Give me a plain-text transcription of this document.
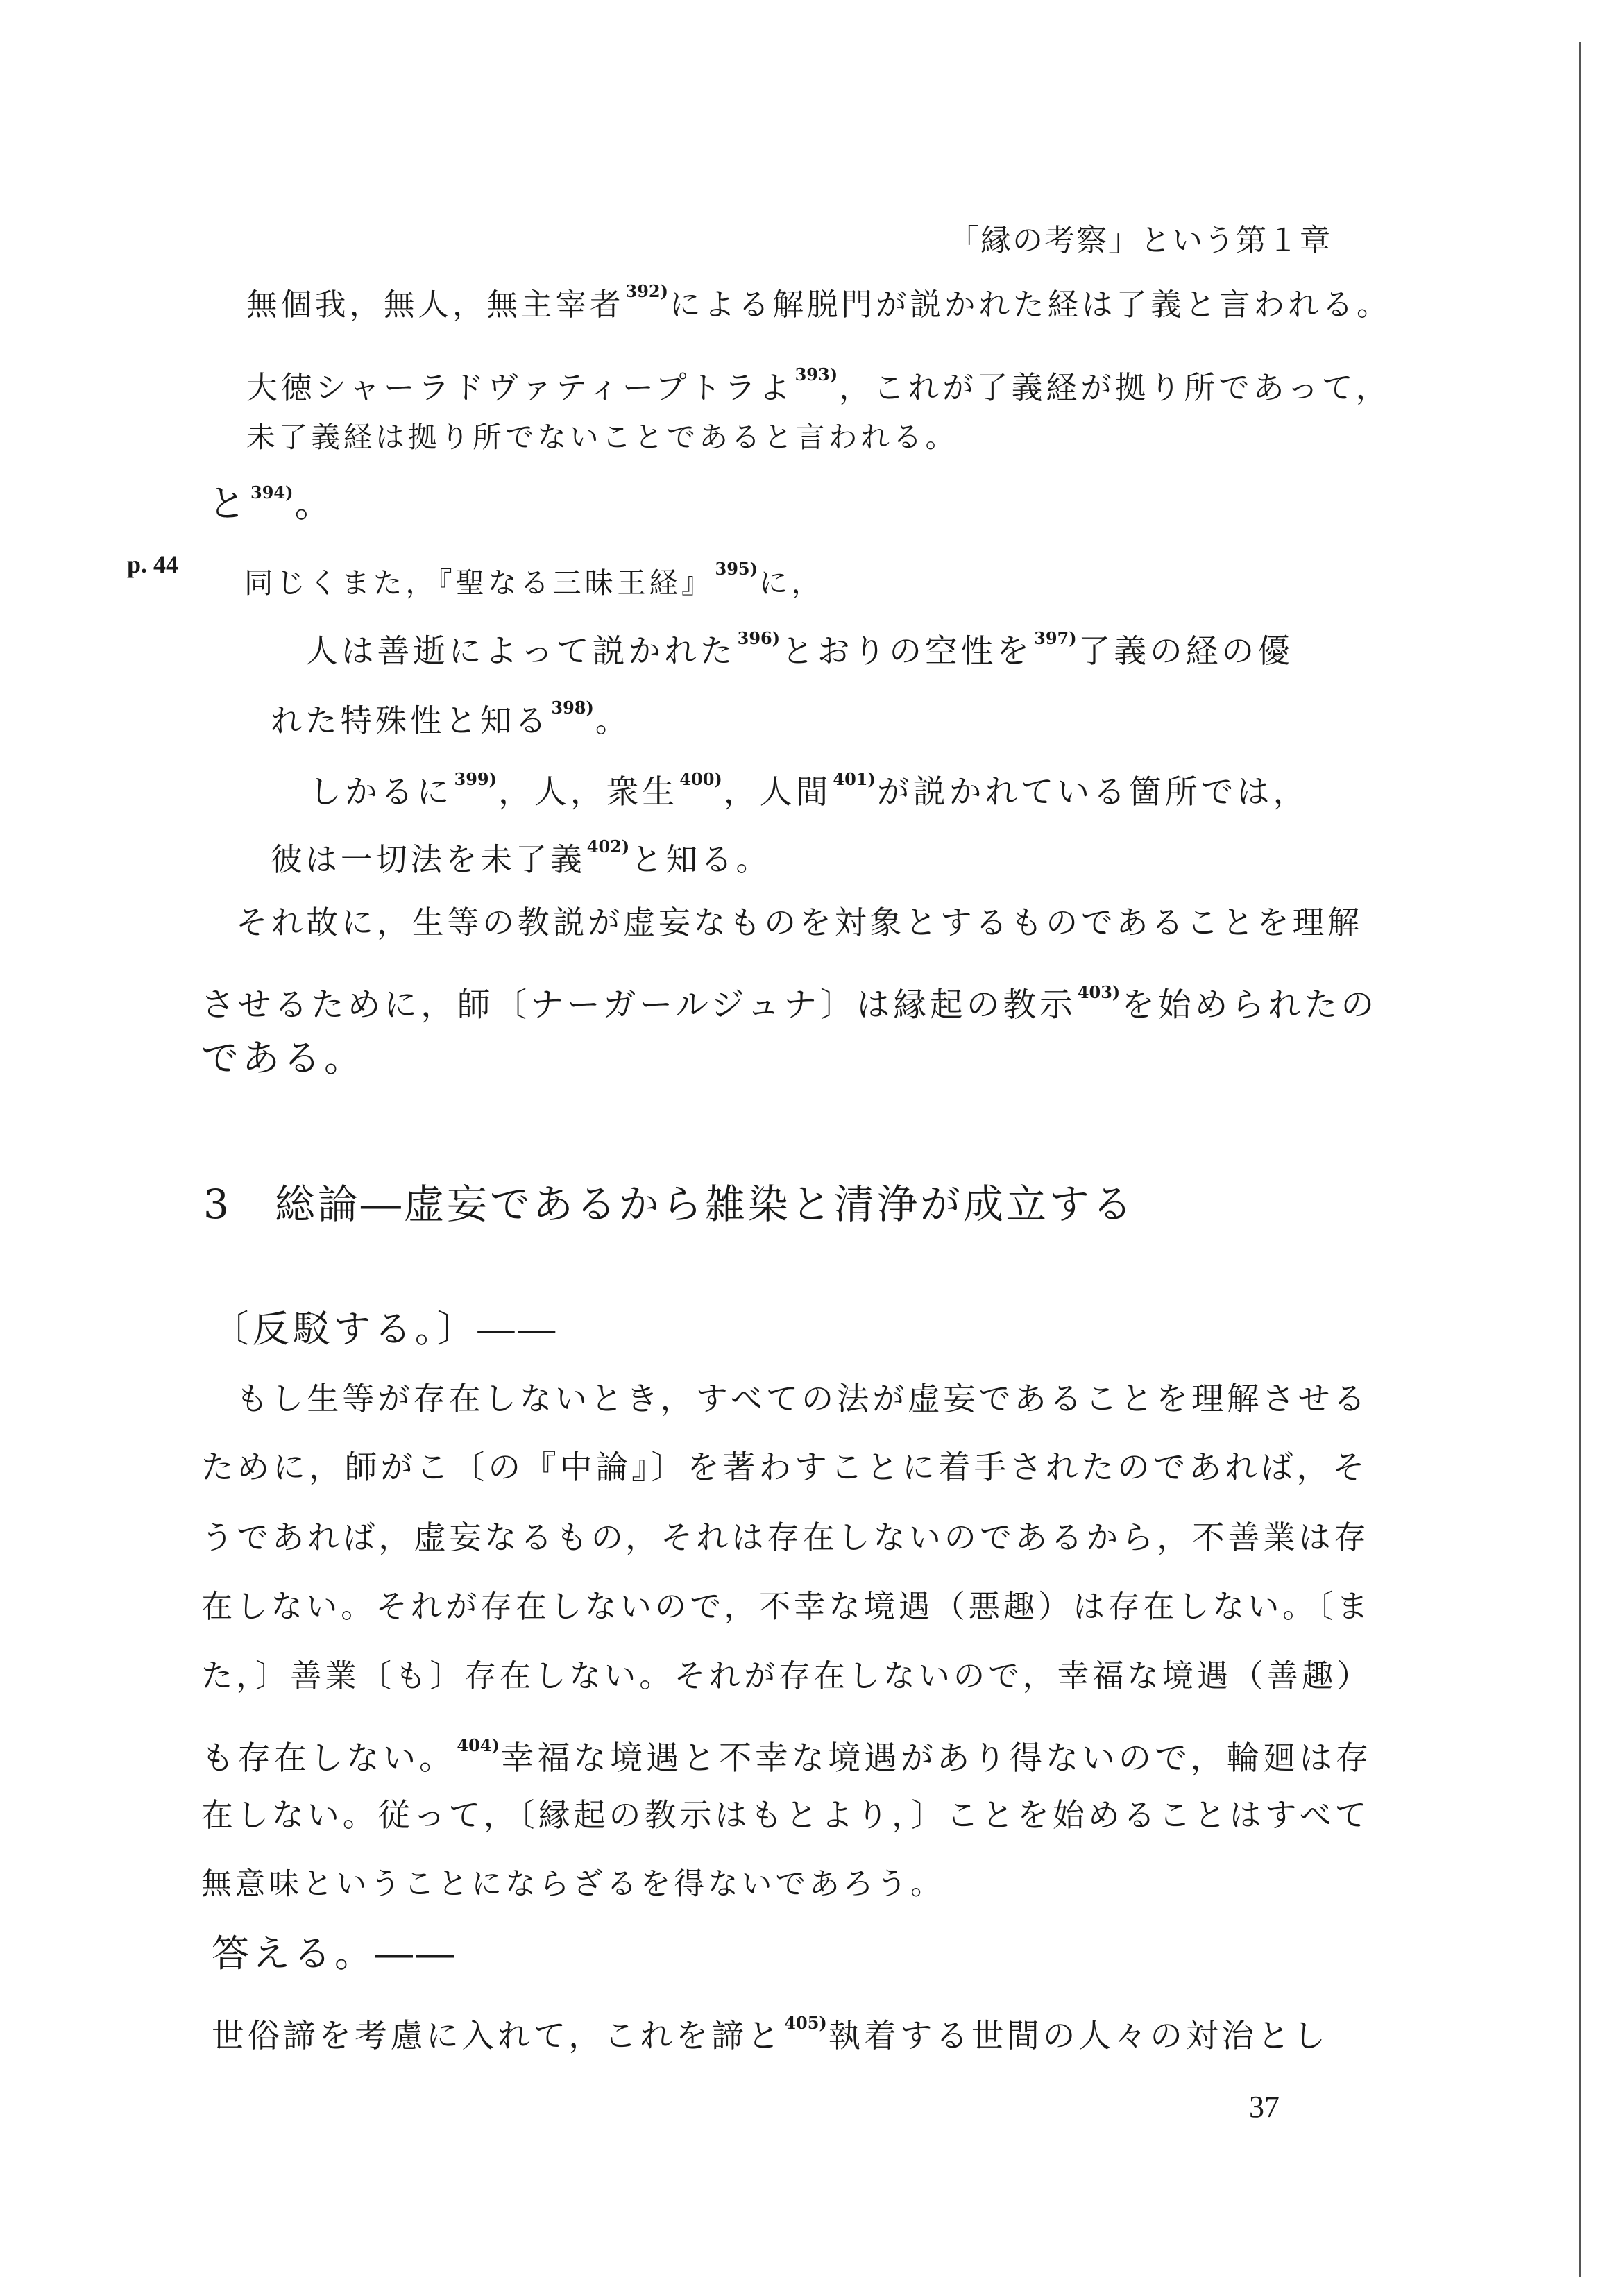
「縁の考察」という第１章
p. 44
無個我，無人，無主宰者$^{392)}$による解脱門が説かれた経は了義と言われる。
大徳シャーラドヴァティープトラよ$^{393)}$，これが了義経が拠り所であって，
未了義経は拠り所でないことであると言われる。
と$^{394)}$。
同じくまた，『聖なる三昧王経』$^{395)}$に，
人は善逝によって説かれた$^{396)}$とおりの空性を$^{397)}$了義の経の優
れた特殊性と知る$^{398)}$。
しかるに$^{399)}$，人，衆生$^{400)}$，人間$^{401)}$が説かれている箇所では，
彼は一切法を未了義$^{402)}$と知る。
それ故に，生等の教説が虚妄なものを対象とするものであることを理解
させるために，師〔ナーガールジュナ〕は縁起の教示$^{403)}$を始められたの
である。
3 総論―虚妄であるから雑染と清浄が成立する
〔反駁する。〕――
もし生等が存在しないとき，すべての法が虚妄であることを理解させる
ために，師がこ〔の『中論』〕を著わすことに着手されたのであれば，そ
うであれば，虚妄なるもの，それは存在しないのであるから，不善業は存
在しない。それが存在しないので，不幸な境遇（悪趣）は存在しない。〔ま
た，〕善業〔も〕存在しない。それが存在しないので，幸福な境遇（善趣）
も存在しない。$^{404)}$幸福な境遇と不幸な境遇があり得ないので，輪廻は存
在しない。従って，〔縁起の教示はもとより，〕ことを始めることはすべて
無意味ということにならざるを得ないであろう。
答える。――
世俗諦を考慮に入れて，これを諦と$^{405)}$執着する世間の人々の対治とし
37
